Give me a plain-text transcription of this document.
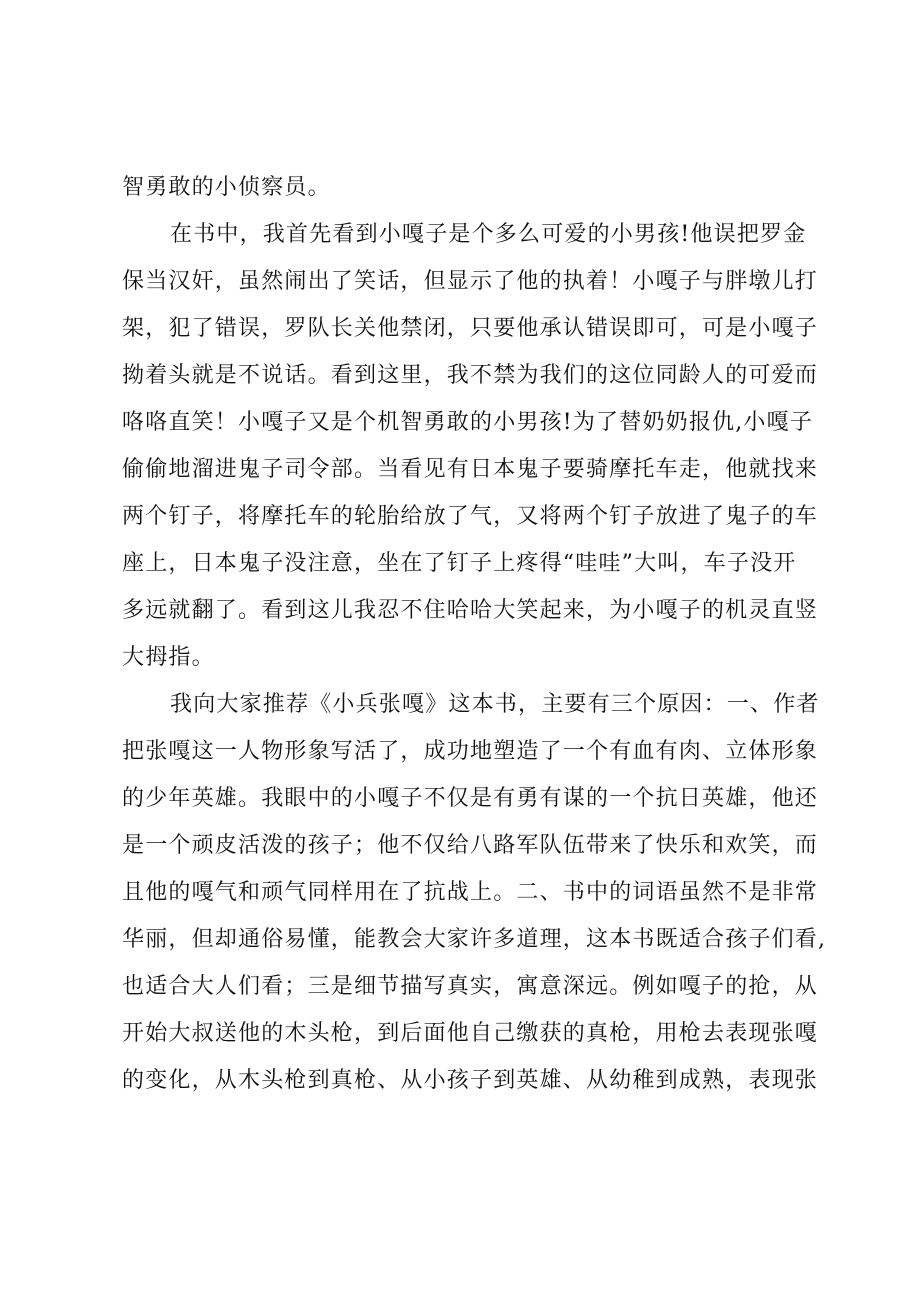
智勇敢的小侦察员。
在书中，我首先看到小嘎子是个多么可爱的小男孩!他误把罗金
保当汉奸，虽然闹出了笑话，但显示了他的执着！小嘎子与胖墩儿打
架，犯了错误，罗队长关他禁闭，只要他承认错误即可，可是小嘎子
拗着头就是不说话。看到这里，我不禁为我们的这位同龄人的可爱而
咯咯直笑！小嘎子又是个机智勇敢的小男孩!为了替奶奶报仇,小嘎子
偷偷地溜进鬼子司令部。当看见有日本鬼子要骑摩托车走，他就找来
两个钉子，将摩托车的轮胎给放了气，又将两个钉子放进了鬼子的车
座上，日本鬼子没注意，坐在了钉子上疼得“哇哇”大叫，车子没开
多远就翻了。看到这儿我忍不住哈哈大笑起来，为小嘎子的机灵直竖
大拇指。
我向大家推荐《小兵张嘎》这本书，主要有三个原因：一、作者
把张嘎这一人物形象写活了，成功地塑造了一个有血有肉、立体形象
的少年英雄。我眼中的小嘎子不仅是有勇有谋的一个抗日英雄，他还
是一个顽皮活泼的孩子；他不仅给八路军队伍带来了快乐和欢笑，而
且他的嘎气和顽气同样用在了抗战上。二、书中的词语虽然不是非常
华丽，但却通俗易懂，能教会大家许多道理，这本书既适合孩子们看,
也适合大人们看；三是细节描写真实，寓意深远。例如嘎子的抢，从
开始大叔送他的木头枪，到后面他自己缴获的真枪，用枪去表现张嘎
的变化，从木头枪到真枪、从小孩子到英雄、从幼稚到成熟，表现张
